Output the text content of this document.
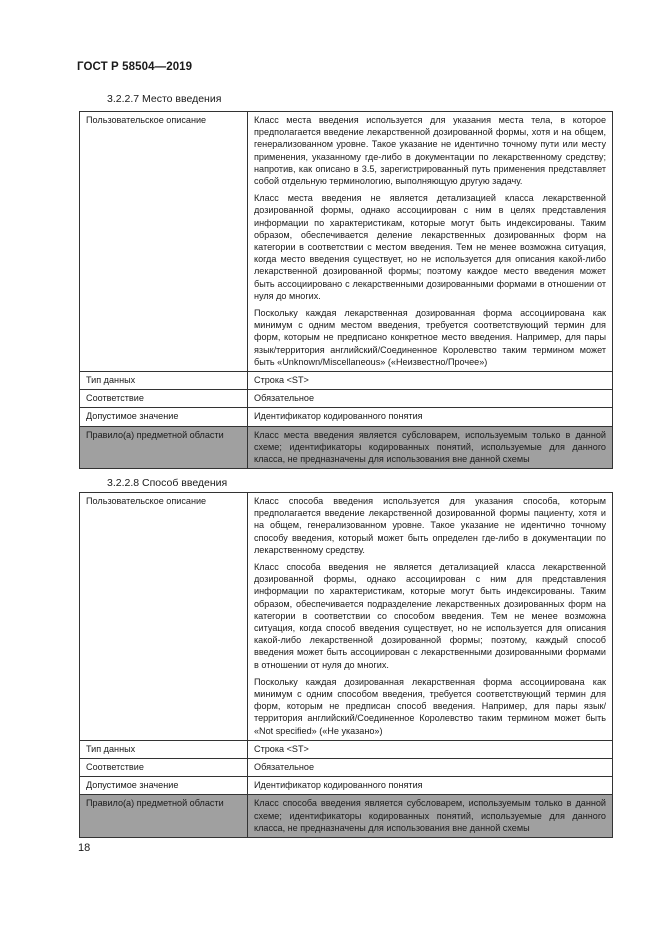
ГОСТ Р 58504—2019
3.2.2.7 Место введения
Пользовательское описание	Класс места введения используется для указания места тела, в которое предполагается введение лекарственной дозированной формы, хотя и на общем, генерализованном уровне. Такое указание не идентично точному пути или месту применения, указанному где-либо в документации по лекарственному средству; напротив, как описано в 3.5, зарегистрированный путь применения представляет собой отдельную терминологию, выполняющую другую задачу.

Класс места введения не является детализацией класса лекарственной дозированной формы, однако ассоциирован с ним в целях представления информации по характеристикам, которые могут быть индексированы. Таким образом, обеспечивается деление лекарственных дозированных форм на категории в соответствии с местом введения. Тем не менее возможна ситуация, когда место введения существует, но не используется для описания какой-либо лекарственной дозированной формы; поэтому каждое место введения может быть ассоциировано с лекарственными дозированными формами в отношении от нуля до многих.

Поскольку каждая лекарственная дозированная форма ассоциирована как минимум с одним местом введения, требуется соответствующий термин для форм, которым не предписано конкретное место введения. Например, для пары язык/территория английский/Соединенное Королевство таким термином может быть «Unknown/Miscellaneous» («Неизвестно/Прочее»)

Тип данных	Строка <ST>
Соответствие	Обязательное
Допустимое значение	Идентификатор кодированного понятия
Правило(а) предметной области	Класс места введения является субсловарем, используемым только в данной схеме; идентификаторы кодированных понятий, используемые для данного класса, не предназначены для использования вне данной схемы
3.2.2.8 Способ введения
Пользовательское описание	Класс способа введения используется для указания способа, которым предполагается введение лекарственной дозированной формы пациенту, хотя и на общем, генерализованном уровне. Такое указание не идентично точному способу введения, который может быть определен где-либо в документации по лекарственному средству.

Класс способа введения не является детализацией класса лекарственной дозированной формы, однако ассоциирован с ним для представления информации по характеристикам, которые могут быть индексированы. Таким образом, обеспечивается подразделение лекарственных дозированных форм на категории в соответствии со способом введения. Тем не менее возможна ситуация, когда способ введения существует, но не используется для описания какой-либо лекарственной дозированной формы; поэтому, каждый способ введения может быть ассоциирован с лекарственными дозированными формами в отношении от нуля до многих.

Поскольку каждая дозированная лекарственная форма ассоциирована как минимум с одним способом введения, требуется соответствующий термин для форм, которым не предписан способ введения. Например, для пары язык/территория английский/Соединенное Королевство таким термином может быть «Not specified» («Не указано»)

Тип данных	Строка <ST>
Соответствие	Обязательное
Допустимое значение	Идентификатор кодированного понятия
Правило(а) предметной области	Класс способа введения является субсловарем, используемым только в данной схеме; идентификаторы кодированных понятий, используемые для данного класса, не предназначены для использования вне данной схемы
18
